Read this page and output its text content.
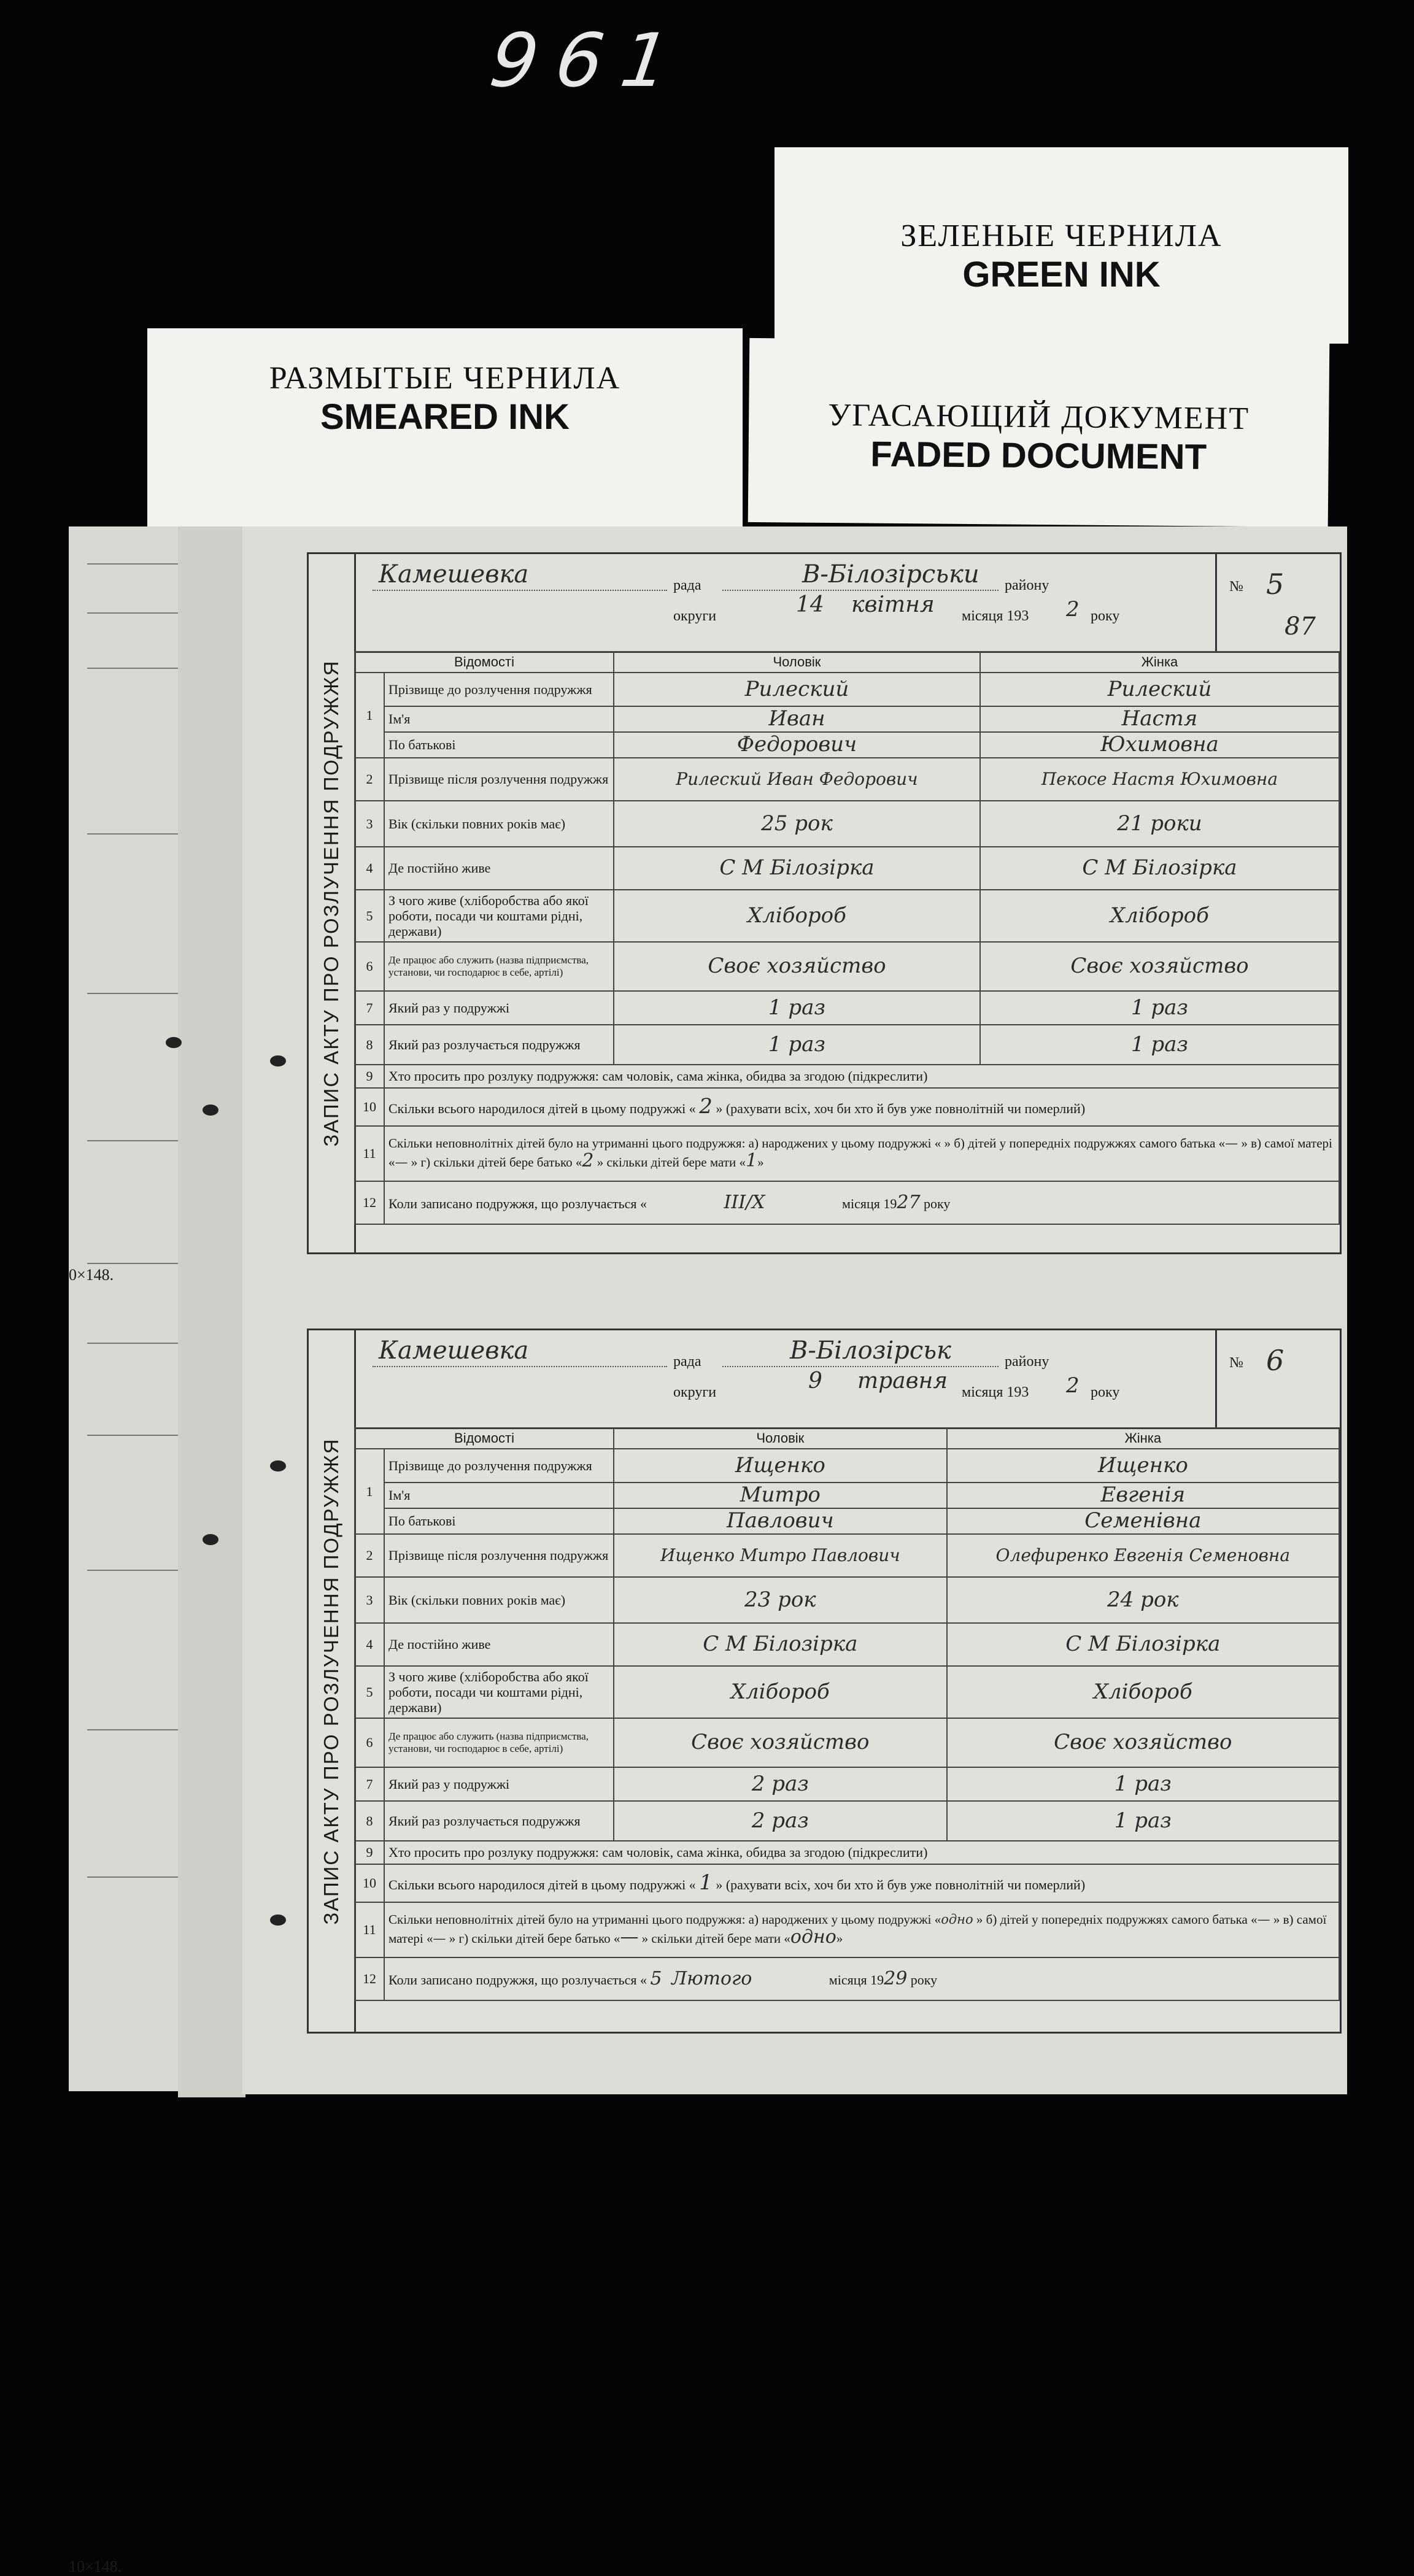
961
ЗЕЛЕНЫЕ ЧЕРНИЛА
GREEN INK
РАЗМЫТЫЕ ЧЕРНИЛА
SMEARED INK	УГАСАЮЩИЙ ДОКУМЕНТ
FADED DOCUMENT
0×148.
10×148.
ЗАПИС АКТУ ПРО РОЗЛУЧЕННЯ ПОДРУЖЖЯ
Камешевка	рада	В-Білозірськи району
округи	14 квітня місяця 193 2 року
№ 5
87
Відомості		Чоловік	Жінка
1	Прізвище до розлучення подружжя	Рилеский	Рилеский

	Ім'я	Иван	Настя

	По батькові	Федорович	Юхимовна

2	Прізвище після розлучення подружжя	Рилеский Иван Федорович	Пекосе Настя Юхимовна

3	Вік (скільки повних років має)	25 рок	21 роки

4	Де постійно живе	С М Білозірка	С М Білозірка

5	З чого живе (хліборобства або якої роботи, посади чи коштами рідні, держави)	Хлібороб	Хлібороб

6	Де працює або служить (назва підприємства, установи, чи господарює в себе, артілі)	Своє хозяйство	Своє хозяйство

7	Який раз у подружжі	1 раз	1 раз

8	Який раз розлучається подружжя	1 раз	1 раз

9	Хто просить про розлуку подружжя: сам чоловік, сама жінка, обидва за згодою (підкреслити)		
10	Скільки всього народилося дітей в цьому подружжі « 2 » (рахувати всіх, хоч би хто й був уже повнолітній чи померлий)		
11	Скільки неповнолітніх дітей було на утриманні цього подружжя: а) народжених у цьому подружжі « » б) дітей у попередніх подружжях самого батька «— » в) самої матері «— » г) скільки дітей бере батько «2 » скільки дітей бере мати «1»		
12	Коли записано подружжя, що розлучається « III/X місяця 1927 року		
ЗАПИС АКТУ ПРО РОЗЛУЧЕННЯ ПОДРУЖЖЯ
Камешевка	рада	В-Білозірськ	району
округи	9 травня місяця 193 2 року
№ 6
Відомості		Чоловік	Жінка
1	Прізвище до розлучення подружжя	Ищенко	Ищенко

	Ім'я	Митро	Евгенія

	По батькові	Павлович	Семенівна

2	Прізвище після розлучення подружжя	Ищенко Митро Павлович	Олефиренко Евгенія Семеновна

3	Вік (скільки повних років має)	23 рок	24 рок

4	Де постійно живе	С М Білозірка	С М Білозірка

5	З чого живе (хліборобства або якої роботи, посади чи коштами рідні, держави)	Хлібороб	Хлібороб

6	Де працює або служить (назва підприємства, установи, чи господарює в себе, артілі)	Своє хозяйство	Своє хозяйство

7	Який раз у подружжі	2 раз	1 раз

8	Який раз розлучається подружжя	2 раз	1 раз

9	Хто просить про розлуку подружжя: сам чоловік, сама жінка, обидва за згодою (підкреслити)		
10	Скільки всього народилося дітей в цьому подружжі « 1 » (рахувати всіх, хоч би хто й був уже повнолітній чи померлий)		
11	Скільки неповнолітніх дітей було на утриманні цього подружжя: а) народжених у цьому подружжі «одно » б) дітей у попередніх подружжях самого батька «— » в) самої матері «— » г) скільки дітей бере батько «— » скільки дітей бере мати «одно»		
12	Коли записано подружжя, що розлучається « 5 Лютого місяця 1929 року		
